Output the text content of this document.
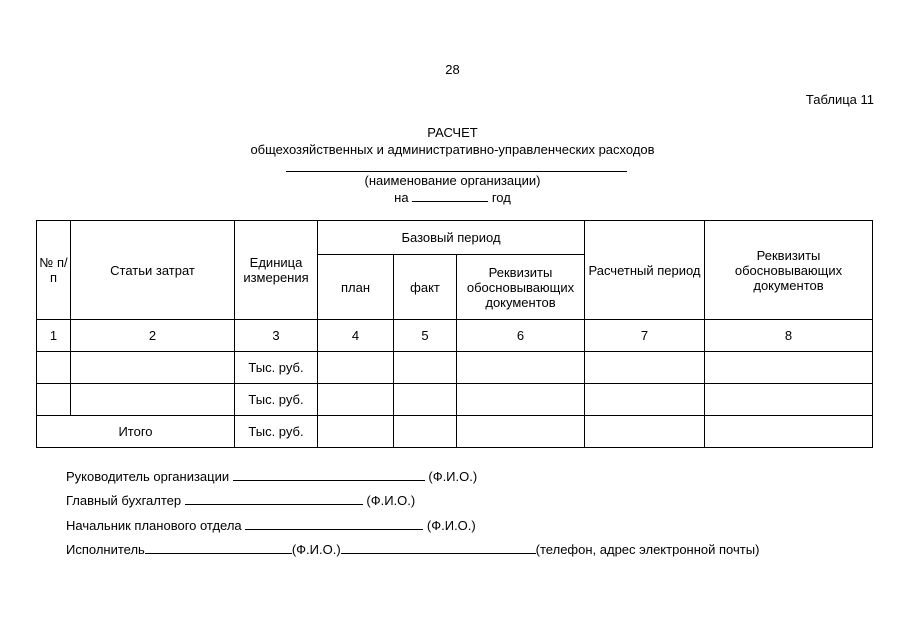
28
Таблица 11
РАСЧЕТ
общехозяйственных и административно-управленческих расходов
(наименование организации)
на	год
№ п/п	Статьи затрат	Единица измерения	Базовый период			Расчетный период	Реквизиты обосновывающих документов
			план	факт	Реквизиты обосновывающих документов		
1	2	3	4	5	6	7	8
		Тыс. руб.					
		Тыс. руб.					
Итого		Тыс. руб.					
Руководитель организации	(Ф.И.О.)
Главный бухгалтер	(Ф.И.О.)
Начальник планового отдела	(Ф.И.О.)
Исполнитель	(Ф.И.О.)	(телефон, адрес электронной почты)
